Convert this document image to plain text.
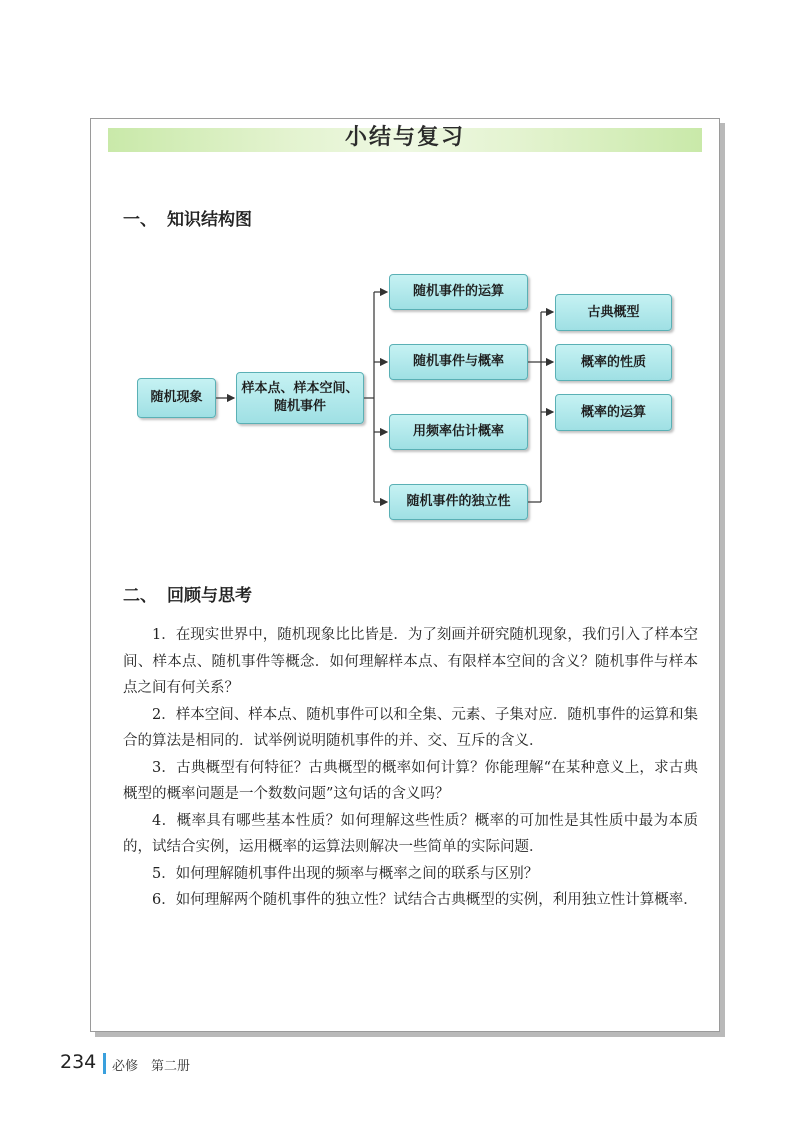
小结与复习
一、 知识结构图
随机现象
样本点、样本空间、
随机事件
随机事件的运算
随机事件与概率
用频率估计概率
随机事件的独立性
古典概型
概率的性质
概率的运算
二、 回顾与思考

1．在现实世界中，随机现象比比皆是．为了刻画并研究随机现象，我们引入了样本空间、样本点、随机事件等概念．如何理解样本点、有限样本空间的含义？随机事件与样本点之间有何关系？

2．样本空间、样本点、随机事件可以和全集、元素、子集对应．随机事件的运算和集合的算法是相同的．试举例说明随机事件的并、交、互斥的含义．

3．古典概型有何特征？古典概型的概率如何计算？你能理解“在某种意义上，求古典概型的概率问题是一个数数问题”这句话的含义吗？

4．概率具有哪些基本性质？如何理解这些性质？概率的可加性是其性质中最为本质的，试结合实例，运用概率的运算法则解决一些简单的实际问题．

5．如何理解随机事件出现的频率与概率之间的联系与区别？

6．如何理解两个随机事件的独立性？试结合古典概型的实例，利用独立性计算概率．

234 必修　第二册
